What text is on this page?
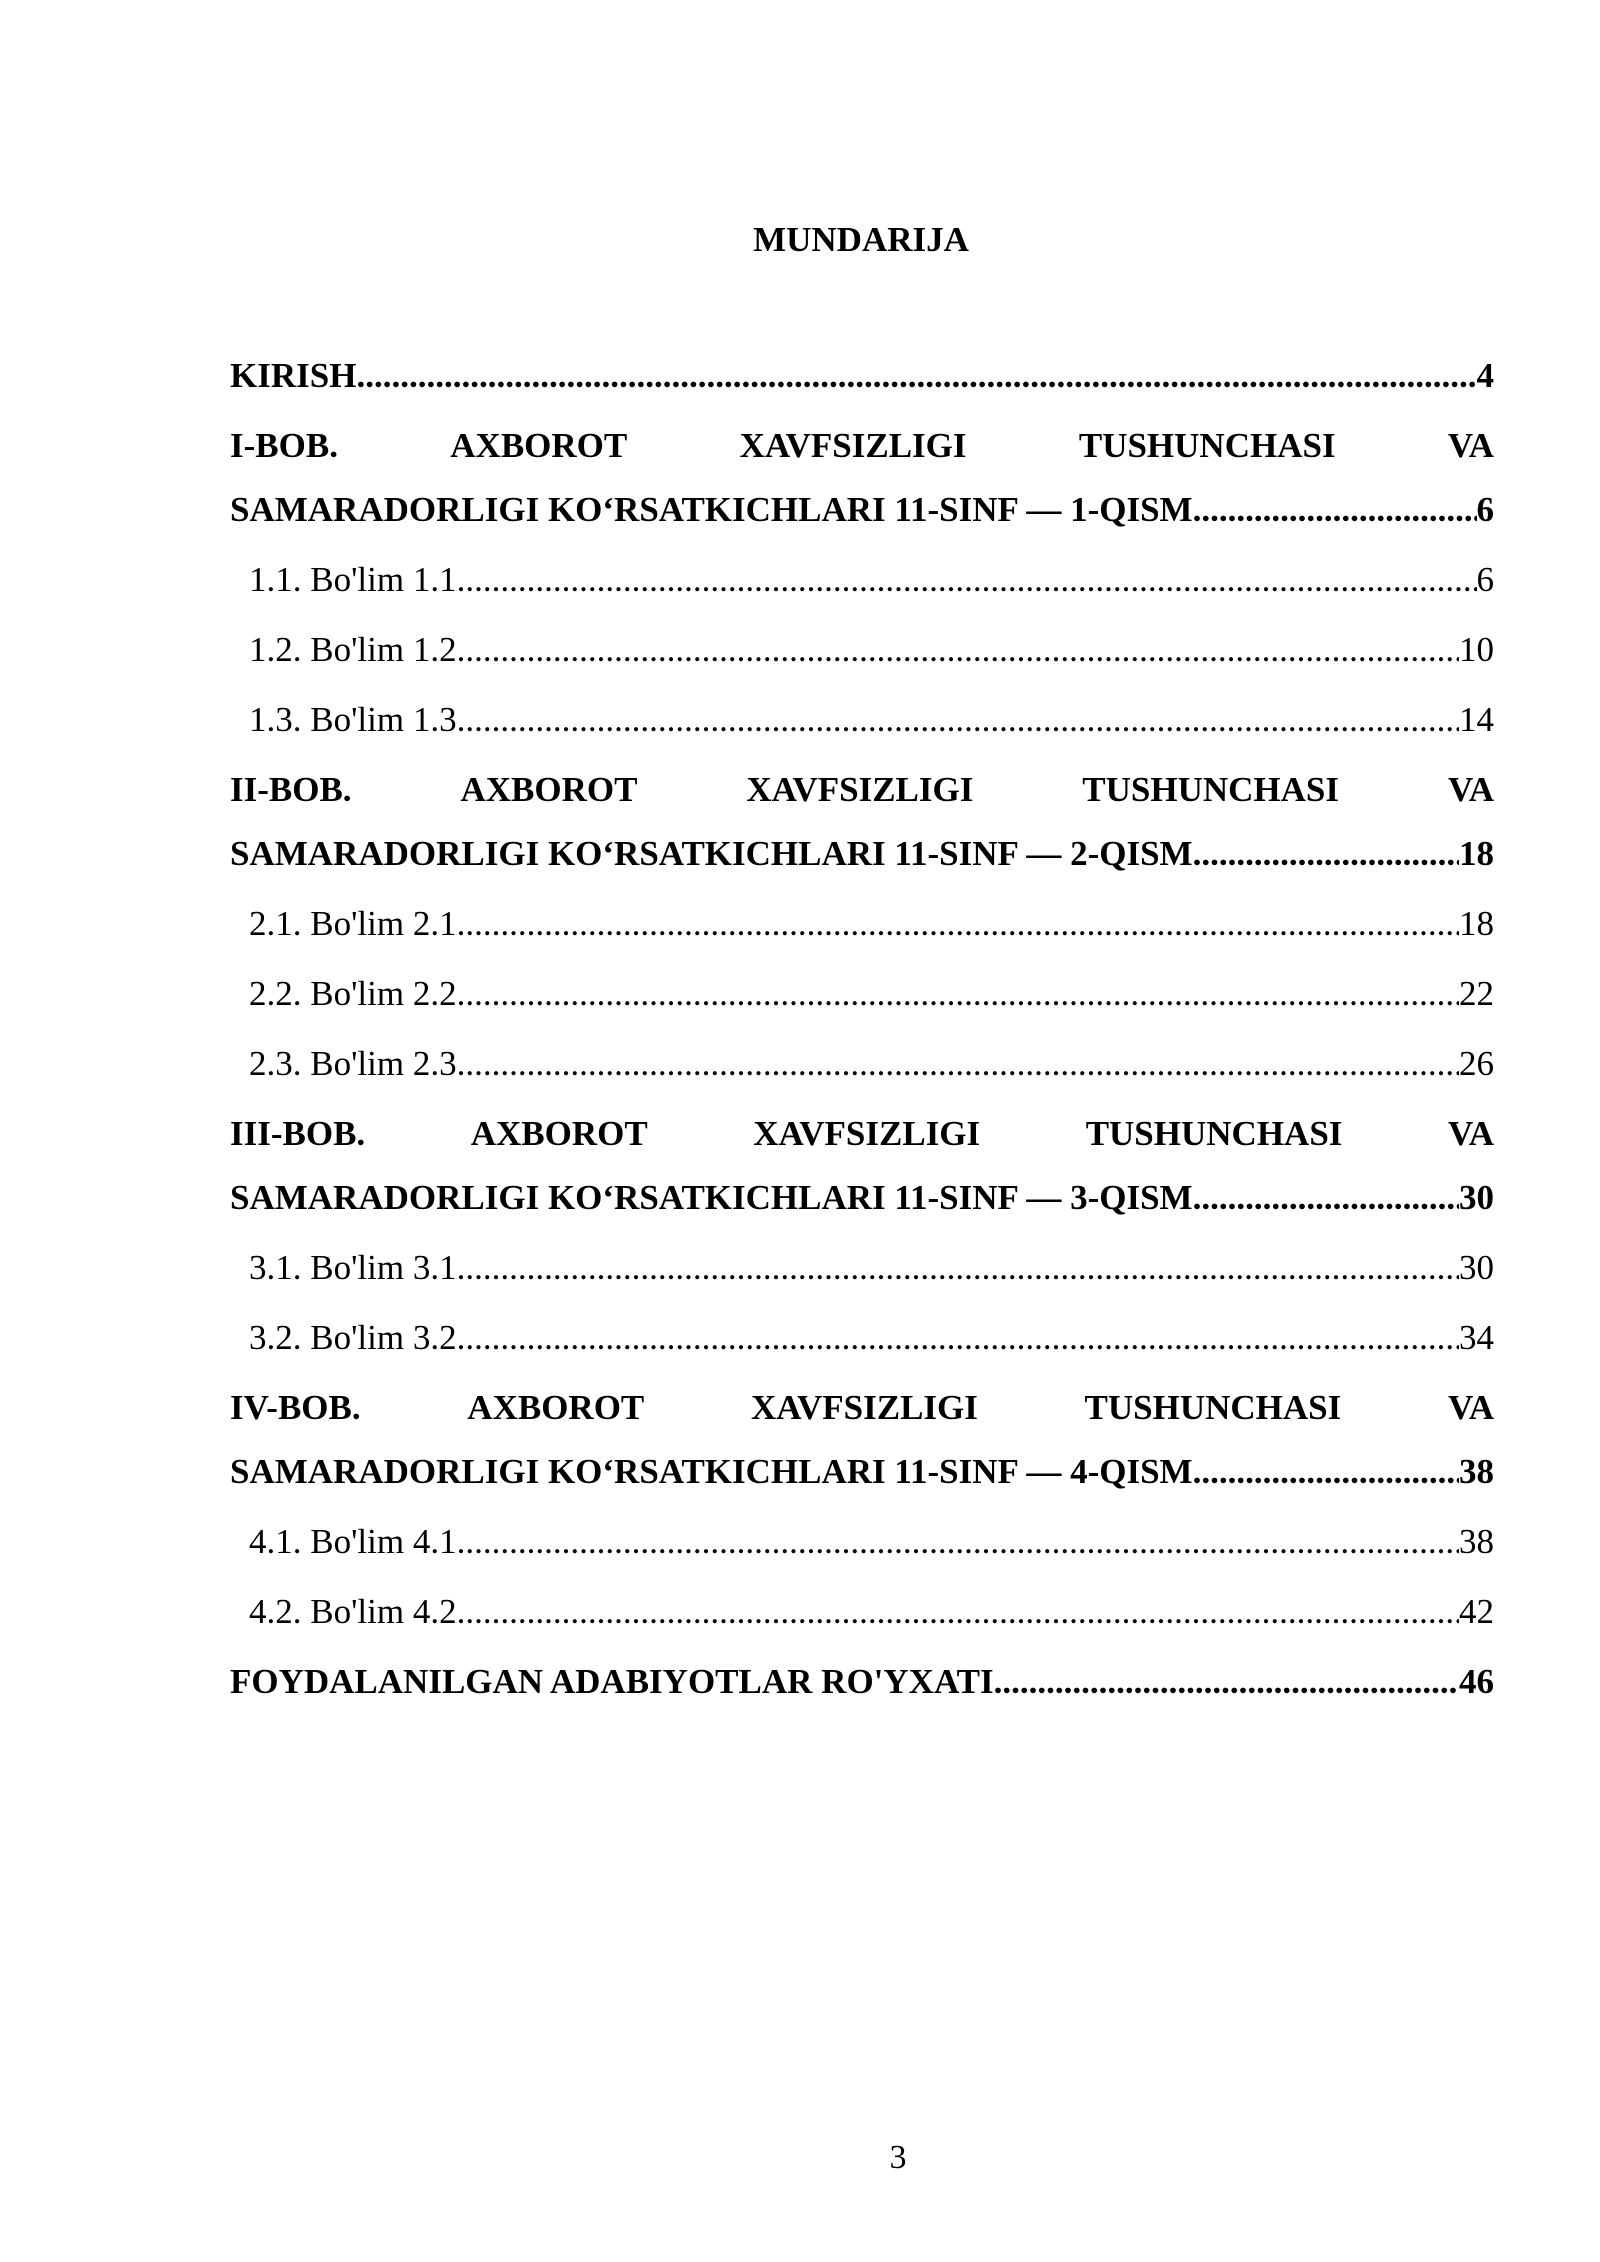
MUNDARIJA
KIRISH .....	4
I-BOB.	AXBOROT	XAVFSIZLIGI	TUSHUNCHASI	VA
SAMARADORLIGI KO‘RSATKICHLARI 11-SINF — 1-QISM .....	6
1.1. Bo'lim 1.1 .....	6
1.2. Bo'lim 1.2 .....	10
1.3. Bo'lim 1.3 .....	14
II-BOB.	AXBOROT	XAVFSIZLIGI	TUSHUNCHASI	VA
SAMARADORLIGI KO‘RSATKICHLARI 11-SINF — 2-QISM .....	18
2.1. Bo'lim 2.1 .....	18
2.2. Bo'lim 2.2 .....	22
2.3. Bo'lim 2.3 .....	26
III-BOB.	AXBOROT	XAVFSIZLIGI	TUSHUNCHASI	VA
SAMARADORLIGI KO‘RSATKICHLARI 11-SINF — 3-QISM .....	30
3.1. Bo'lim 3.1 .....	30
3.2. Bo'lim 3.2 .....	34
IV-BOB.	AXBOROT	XAVFSIZLIGI	TUSHUNCHASI	VA
SAMARADORLIGI KO‘RSATKICHLARI 11-SINF — 4-QISM .....	38
4.1. Bo'lim 4.1 .....	38
4.2. Bo'lim 4.2 .....	42
FOYDALANILGAN ADABIYOTLAR RO'YXATI .....	46
3
